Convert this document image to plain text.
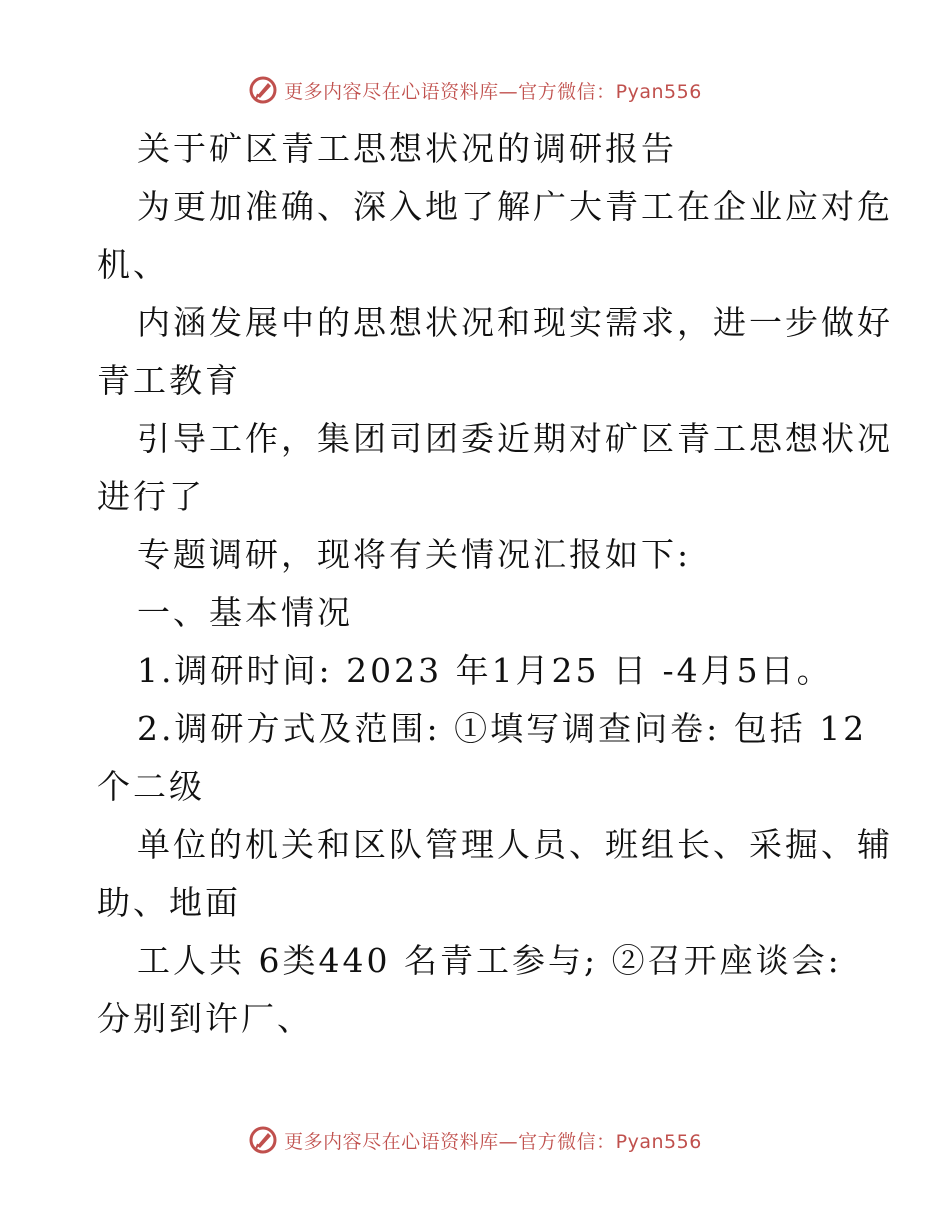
更多内容尽在心语资料库—官方微信：Pyan556
关于矿区青工思想状况的调研报告
为更加准确、深入地了解广大青工在企业应对危
机、
内涵发展中的思想状况和现实需求，进一步做好
青工教育
引导工作，集团司团委近期对矿区青工思想状况
进行了
专题调研，现将有关情况汇报如下:
一、基本情况
1.调研时间: 2023 年1月25 日 -4月5日。
2.调研方式及范围: ①填写调查问卷: 包括 12
个二级
单位的机关和区队管理人员、班组长、采掘、辅
助、地面
工人共 6类440 名青工参与; ②召开座谈会:
分别到许厂、
更多内容尽在心语资料库—官方微信：Pyan556
